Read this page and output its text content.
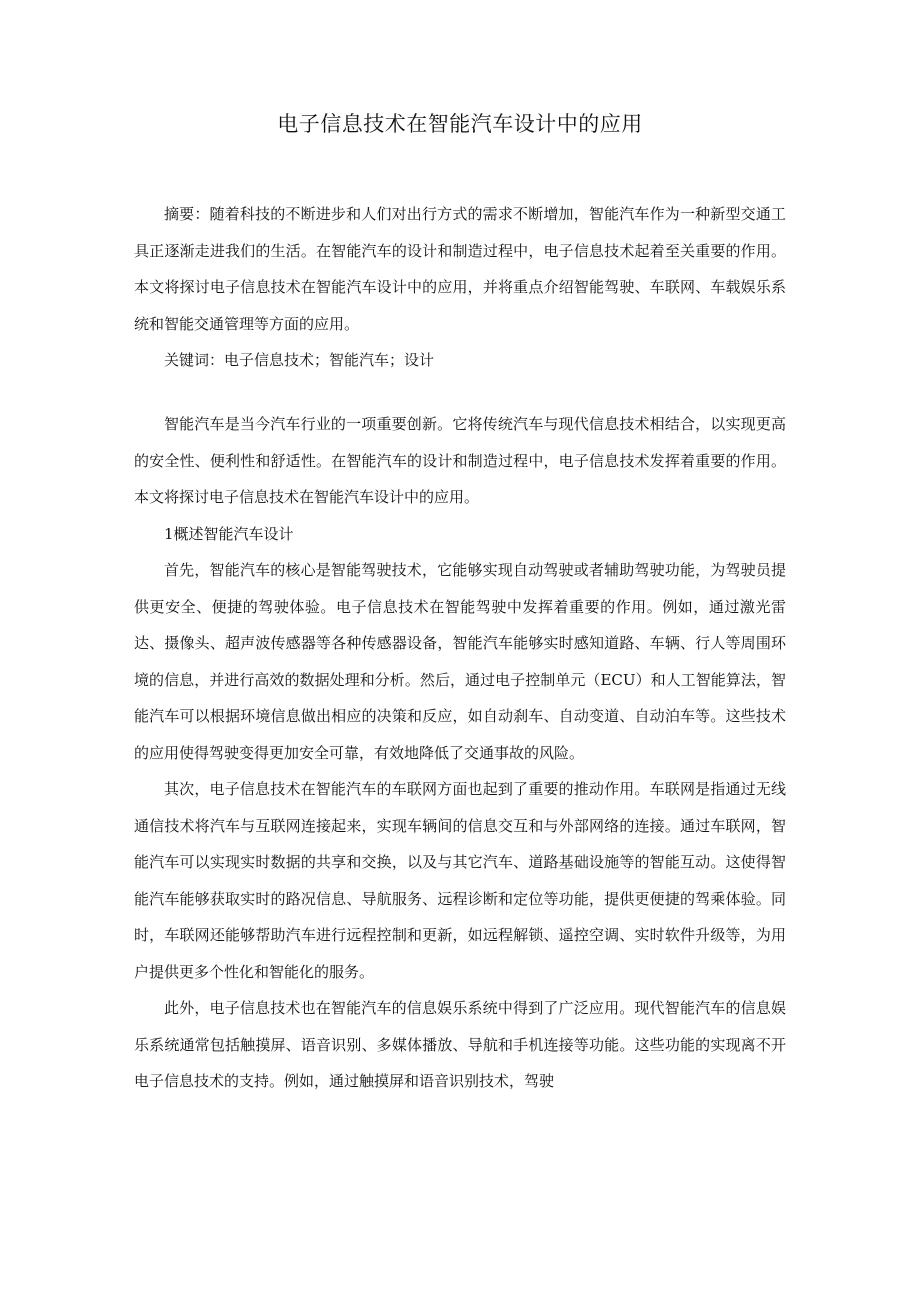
电子信息技术在智能汽车设计中的应用

摘要：随着科技的不断进步和人们对出行方式的需求不断增加，智能汽车作为一种新型交通工具正逐渐走进我们的生活。在智能汽车的设计和制造过程中，电子信息技术起着至关重要的作用。本文将探讨电子信息技术在智能汽车设计中的应用，并将重点介绍智能驾驶、车联网、车载娱乐系统和智能交通管理等方面的应用。

关键词：电子信息技术；智能汽车；设计

智能汽车是当今汽车行业的一项重要创新。它将传统汽车与现代信息技术相结合，以实现更高的安全性、便利性和舒适性。在智能汽车的设计和制造过程中，电子信息技术发挥着重要的作用。本文将探讨电子信息技术在智能汽车设计中的应用。

1概述智能汽车设计

首先，智能汽车的核心是智能驾驶技术，它能够实现自动驾驶或者辅助驾驶功能，为驾驶员提供更安全、便捷的驾驶体验。电子信息技术在智能驾驶中发挥着重要的作用。例如，通过激光雷达、摄像头、超声波传感器等各种传感器设备，智能汽车能够实时感知道路、车辆、行人等周围环境的信息，并进行高效的数据处理和分析。然后，通过电子控制单元（ECU）和人工智能算法，智能汽车可以根据环境信息做出相应的决策和反应，如自动刹车、自动变道、自动泊车等。这些技术的应用使得驾驶变得更加安全可靠，有效地降低了交通事故的风险。

其次，电子信息技术在智能汽车的车联网方面也起到了重要的推动作用。车联网是指通过无线通信技术将汽车与互联网连接起来，实现车辆间的信息交互和与外部网络的连接。通过车联网，智能汽车可以实现实时数据的共享和交换，以及与其它汽车、道路基础设施等的智能互动。这使得智能汽车能够获取实时的路况信息、导航服务、远程诊断和定位等功能，提供更便捷的驾乘体验。同时，车联网还能够帮助汽车进行远程控制和更新，如远程解锁、遥控空调、实时软件升级等，为用户提供更多个性化和智能化的服务。

此外，电子信息技术也在智能汽车的信息娱乐系统中得到了广泛应用。现代智能汽车的信息娱乐系统通常包括触摸屏、语音识别、多媒体播放、导航和手机连接等功能。这些功能的实现离不开电子信息技术的支持。例如，通过触摸屏和语音识别技术，驾驶
